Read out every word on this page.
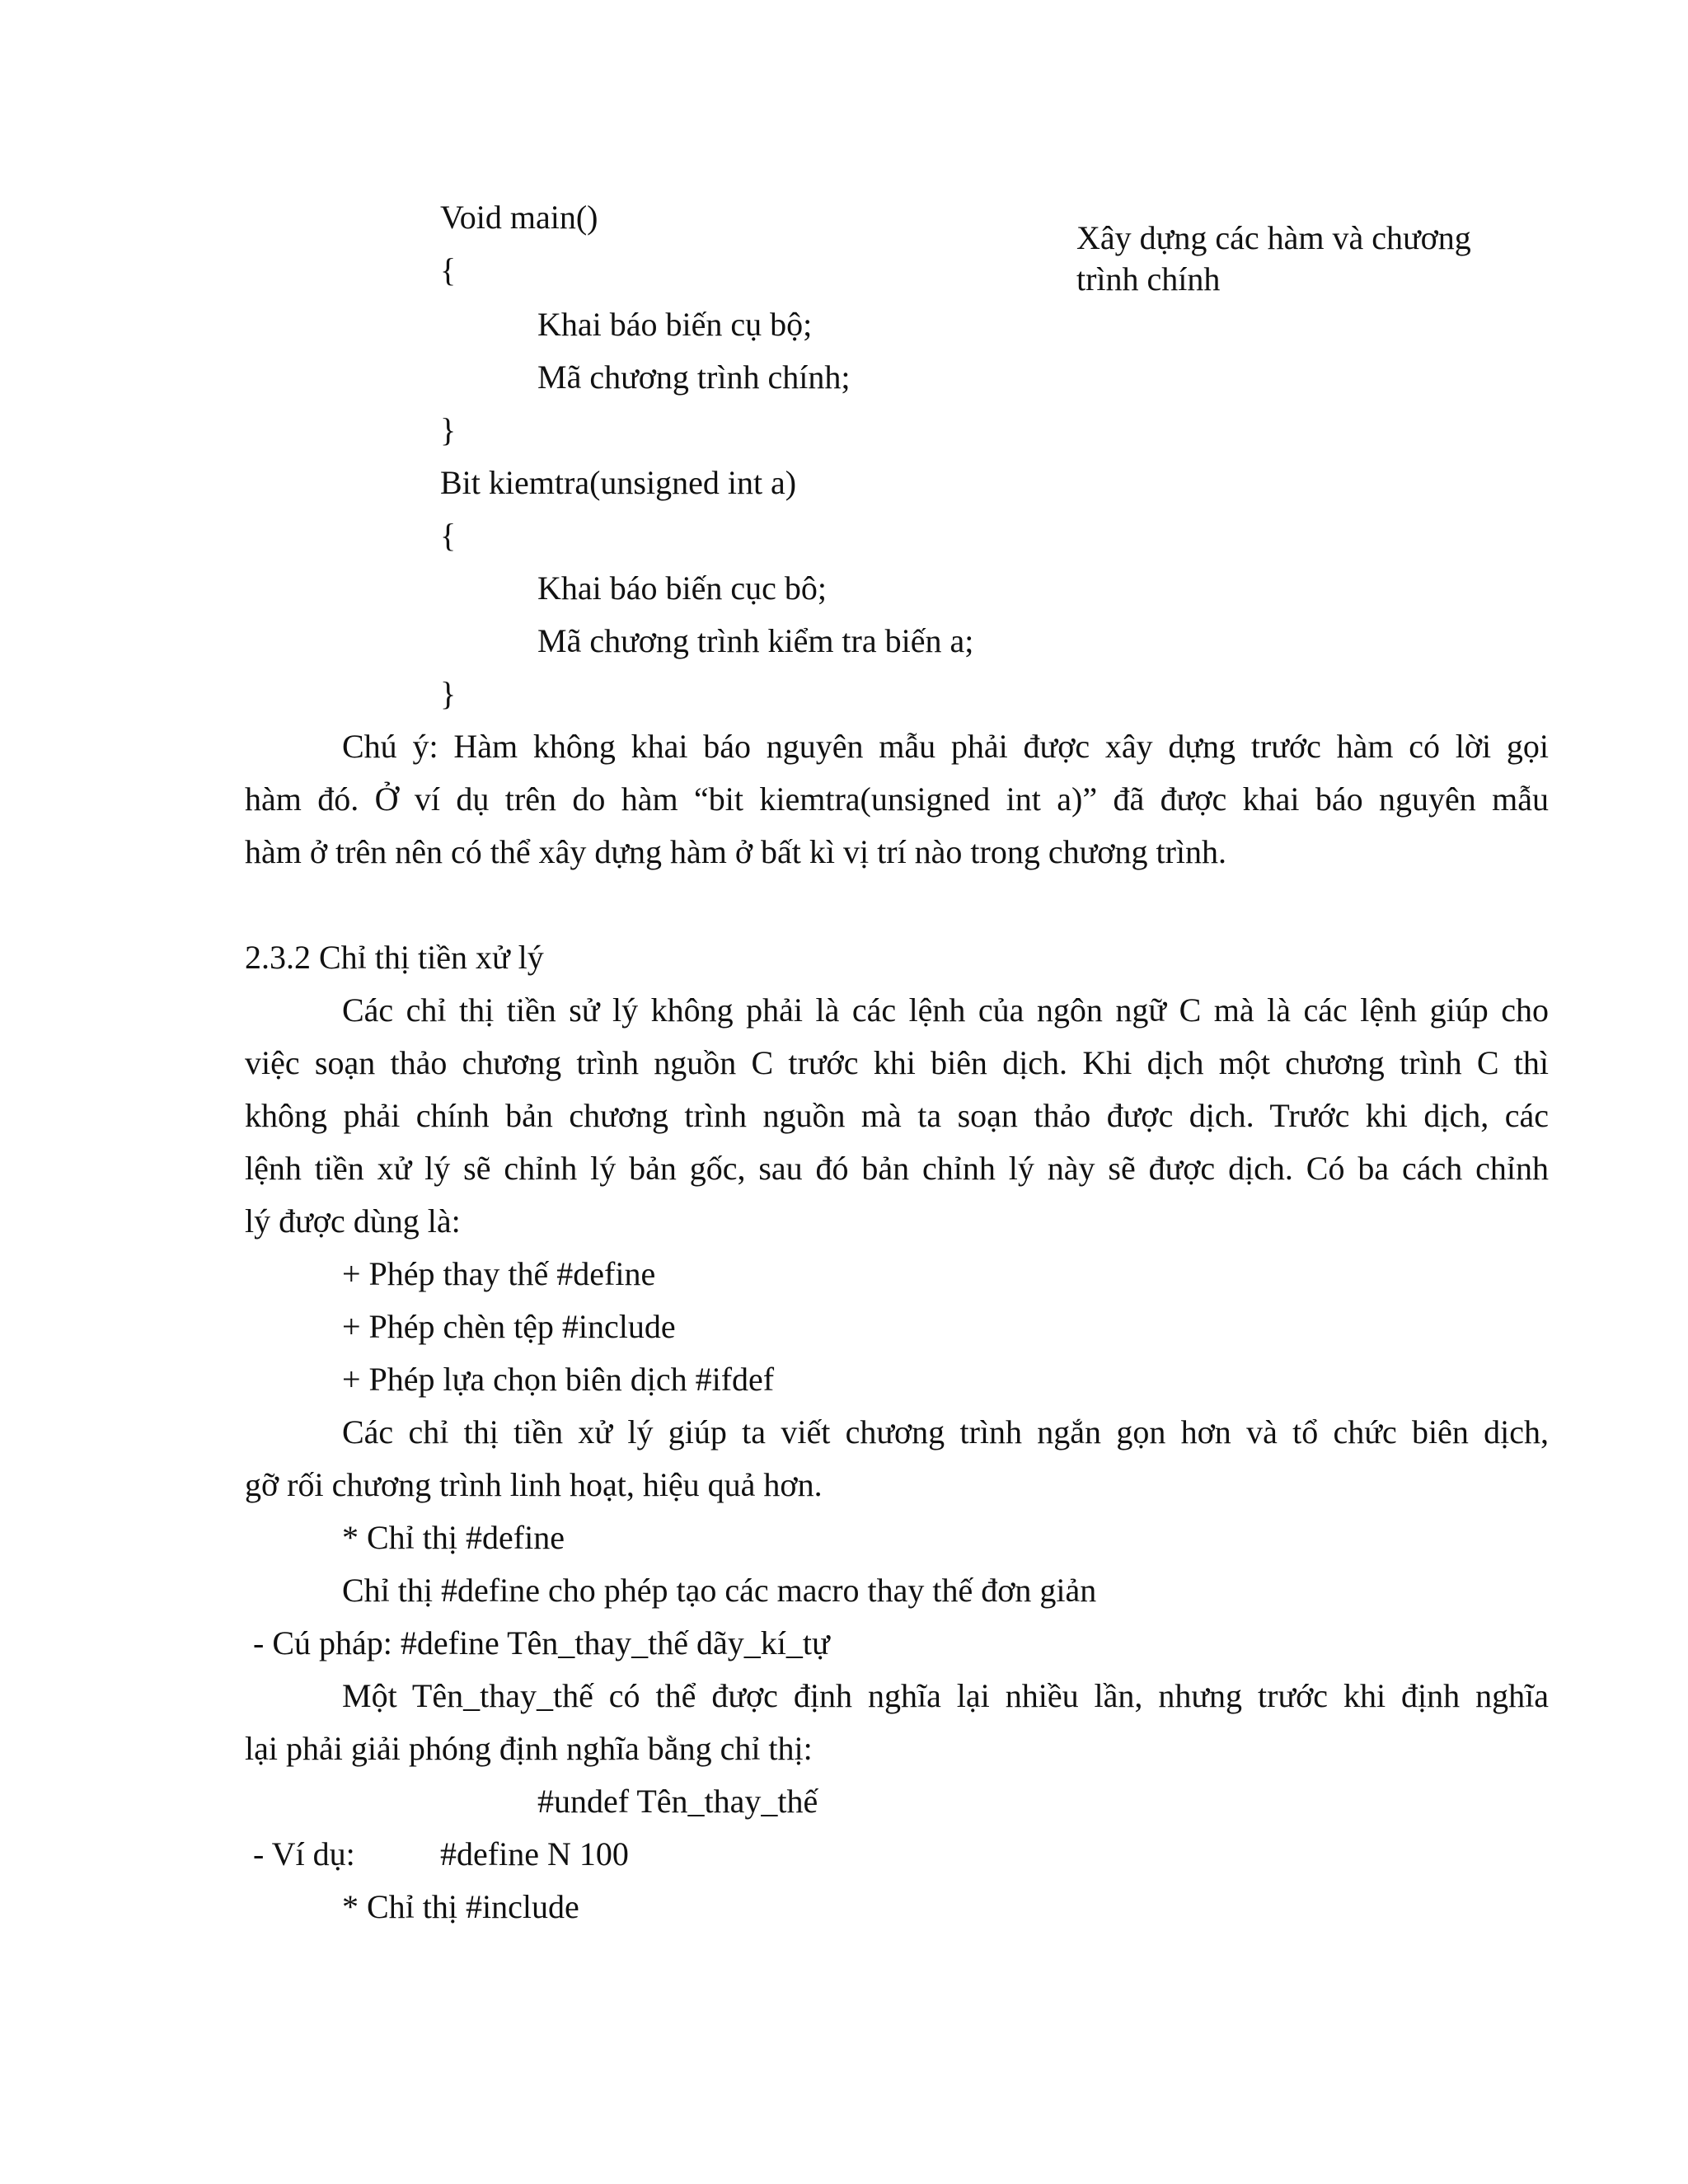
Void main()
{
Khai báo biến cụ bộ;
Mã chương trình chính;
}
Bit kiemtra(unsigned int a)
{
Khai báo biến cục bô;
Mã chương trình kiểm tra biến a;
}
Xây dựng các hàm và chương trình chính
Chú ý: Hàm không khai báo nguyên mẫu phải được xây dựng trước hàm có lời gọi
hàm đó. Ở ví dụ trên do hàm “bit kiemtra(unsigned int a)” đã được khai báo nguyên mẫu
hàm ở trên nên có thể xây dựng hàm ở bất kì vị trí nào trong chương trình.
2.3.2 Chỉ thị tiền xử lý
Các chỉ thị tiền sử lý không phải là các lệnh của ngôn ngữ C mà là các lệnh giúp cho
việc soạn thảo chương trình nguồn C trước khi biên dịch. Khi dịch một chương trình C thì
không phải chính bản chương trình nguồn mà ta soạn thảo được dịch. Trước khi dịch, các
lệnh tiền xử lý sẽ chỉnh lý bản gốc, sau đó bản chỉnh lý này sẽ được dịch. Có ba cách chỉnh
lý được dùng là:
+ Phép thay thế #define
+ Phép chèn tệp #include
+ Phép lựa chọn biên dịch #ifdef
Các chỉ thị tiền xử lý giúp ta viết chương trình ngắn gọn hơn và tổ chức biên dịch,
gỡ rối chương trình linh hoạt, hiệu quả hơn.
* Chỉ thị #define
Chỉ thị #define cho phép tạo các macro thay thế đơn giản
- Cú pháp: #define Tên_thay_thế dãy_kí_tự
Một Tên_thay_thế có thể được định nghĩa lại nhiều lần, nhưng trước khi định nghĩa
lại phải giải phóng định nghĩa bằng chỉ thị:
#undef Tên_thay_thế
- Ví dụ:	#define N 100
* Chỉ thị #include
